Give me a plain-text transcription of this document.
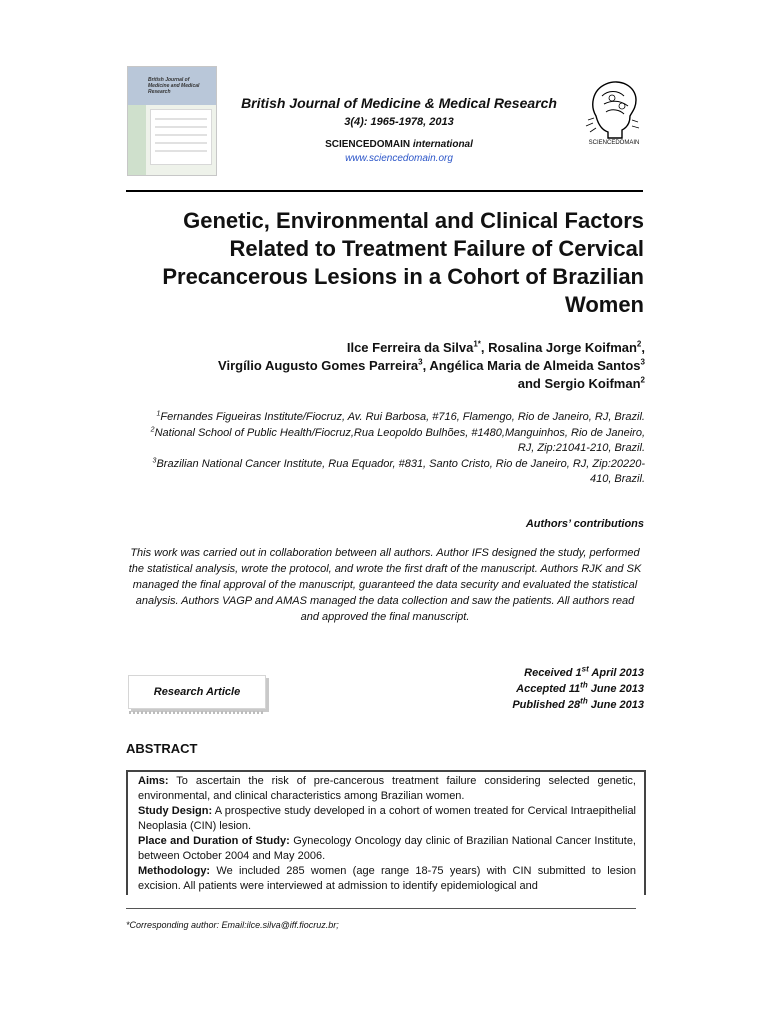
British Journal of Medicine and Medical Research
British Journal of Medicine & Medical Research
3(4): 1965-1978, 2013
SCIENCEDOMAIN international
www.sciencedomain.org
SCIENCEDOMAIN
Genetic, Environmental and Clinical Factors
Related to Treatment Failure of Cervical
Precancerous Lesions in a Cohort of Brazilian
Women
Ilce Ferreira da Silva$^{1*}$, Rosalina Jorge Koifman$^2$,
Virgílio Augusto Gomes Parreira$^3$, Angélica Maria de Almeida Santos$^3$
and Sergio Koifman$^2$
$^1$Fernandes Figueiras Institute/Fiocruz, Av. Rui Barbosa, #716, Flamengo, Rio de Janeiro, RJ, Brazil.
$^2$National School of Public Health/Fiocruz,Rua Leopoldo Bulhões, #1480,Manguinhos, Rio de Janeiro, RJ, Zip:21041-210, Brazil.
$^3$Brazilian National Cancer Institute, Rua Equador, #831, Santo Cristo, Rio de Janeiro, RJ, Zip:20220-410, Brazil.
Authors’ contributions
This work was carried out in collaboration between all authors. Author IFS designed the study, performed the statistical analysis, wrote the protocol, and wrote the first draft of the manuscript. Authors RJK and SK managed the final approval of the manuscript, guaranteed the data security and evaluated the statistical analysis. Authors VAGP and AMAS managed the data collection and saw the patients. All authors read and approved the final manuscript.
Research Article
Received 1st April 2013
Accepted 11th June 2013
Published 28th June 2013
ABSTRACT

Aims: To ascertain the risk of pre-cancerous treatment failure considering selected genetic, environmental, and clinical characteristics among Brazilian women.

Study Design: A prospective study developed in a cohort of women treated for Cervical Intraepithelial Neoplasia (CIN) lesion.

Place and Duration of Study: Gynecology Oncology day clinic of Brazilian National Cancer Institute, between October 2004 and May 2006.

Methodology: We included 285 women (age range 18-75 years) with CIN submitted to lesion excision. All patients were interviewed at admission to identify epidemiological and

*Corresponding author: Email:ilce.silva@iff.fiocruz.br;
